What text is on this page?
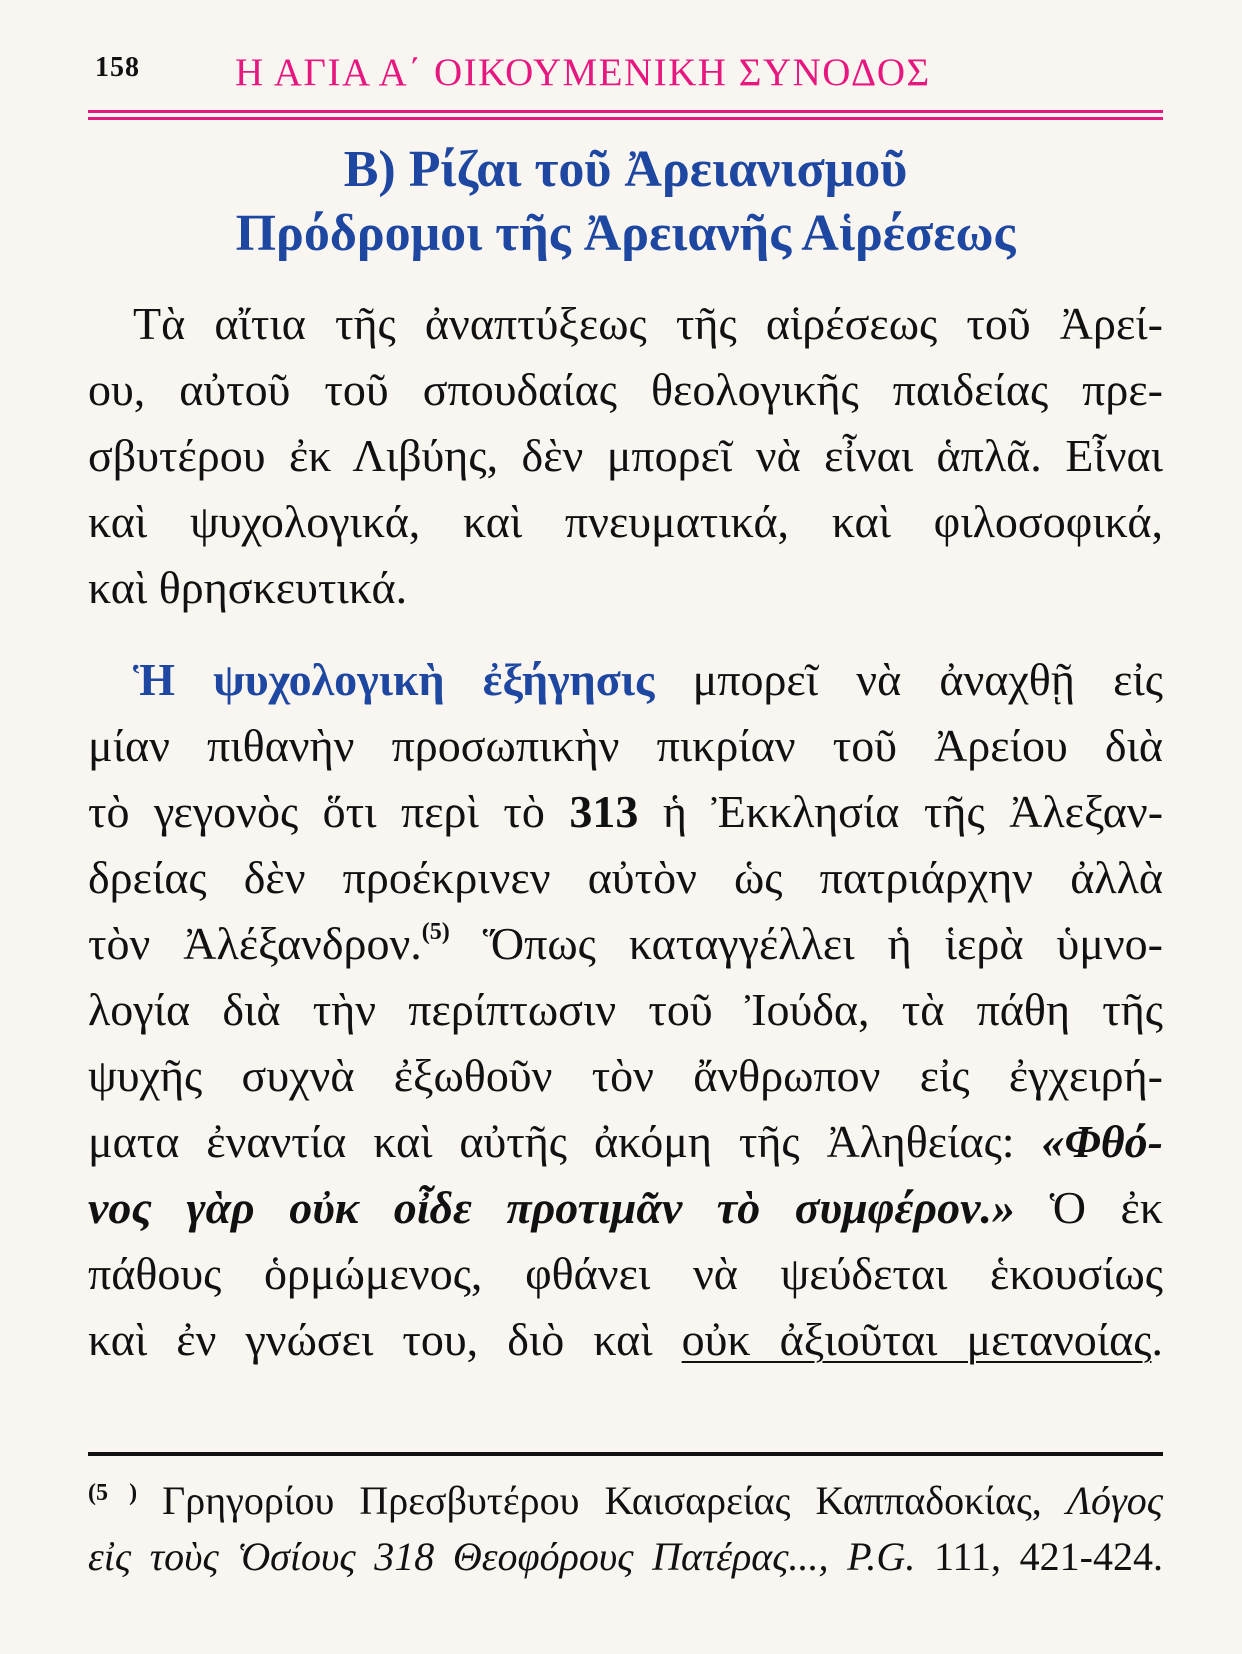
158 Η ΑΓΙΑ Α΄ ΟΙΚΟΥΜΕΝΙΚΗ ΣΥΝΟΔΟΣ
Β) Ρίζαι τοῦ Ἀρειανισμοῦ
Πρόδρομοι τῆς Ἀρειανῆς Αἱρέσεως
Τὰ αἴτια τῆς ἀναπτύξεως τῆς αἱρέσεως τοῦ Ἀρεί-
ου, αὐτοῦ τοῦ σπουδαίας θεολογικῆς παιδείας πρε-
σβυτέρου ἐκ Λιβύης, δὲν μπορεῖ νὰ εἶναι ἁπλᾶ. Εἶναι
καὶ ψυχολογικά, καὶ πνευματικά, καὶ φιλοσοφικά,
καὶ θρησκευτικά.
Ἡ ψυχολογικὴ ἐξήγησις μπορεῖ νὰ ἀναχθῇ εἰς
μίαν πιθανὴν προσωπικὴν πικρίαν τοῦ Ἀρείου διὰ
τὸ γεγονὸς ὅτι περὶ τὸ 313 ἡ Ἐκκλησία τῆς Ἀλεξαν-
δρείας δὲν προέκρινεν αὐτὸν ὡς πατριάρχην ἀλλὰ
τὸν Ἀλέξανδρον.$^{(5)}$ Ὅπως καταγγέλλει ἡ ἱερὰ ὑμνο-
λογία διὰ τὴν περίπτωσιν τοῦ Ἰούδα, τὰ πάθη τῆς
ψυχῆς συχνὰ ἐξωθοῦν τὸν ἄνθρωπον εἰς ἐγχειρή-
ματα ἐναντία καὶ αὐτῆς ἀκόμη τῆς Ἀληθείας: «Φθό-
νος γὰρ οὐκ οἶδε προτιμᾶν τὸ συμφέρον.» Ὁ ἐκ
πάθους ὁρμώμενος, φθάνει νὰ ψεύδεται ἑκουσίως
καὶ ἐν γνώσει του, διὸ καὶ οὐκ ἀξιοῦται μετανοίας.
$^{(5 )}$ Γρηγορίου Πρεσβυτέρου Καισαρείας Καππαδοκίας, Λόγος
εἰς τοὺς Ὁσίους 318 Θεοφόρους Πατέρας..., P.G. 111, 421-424.
